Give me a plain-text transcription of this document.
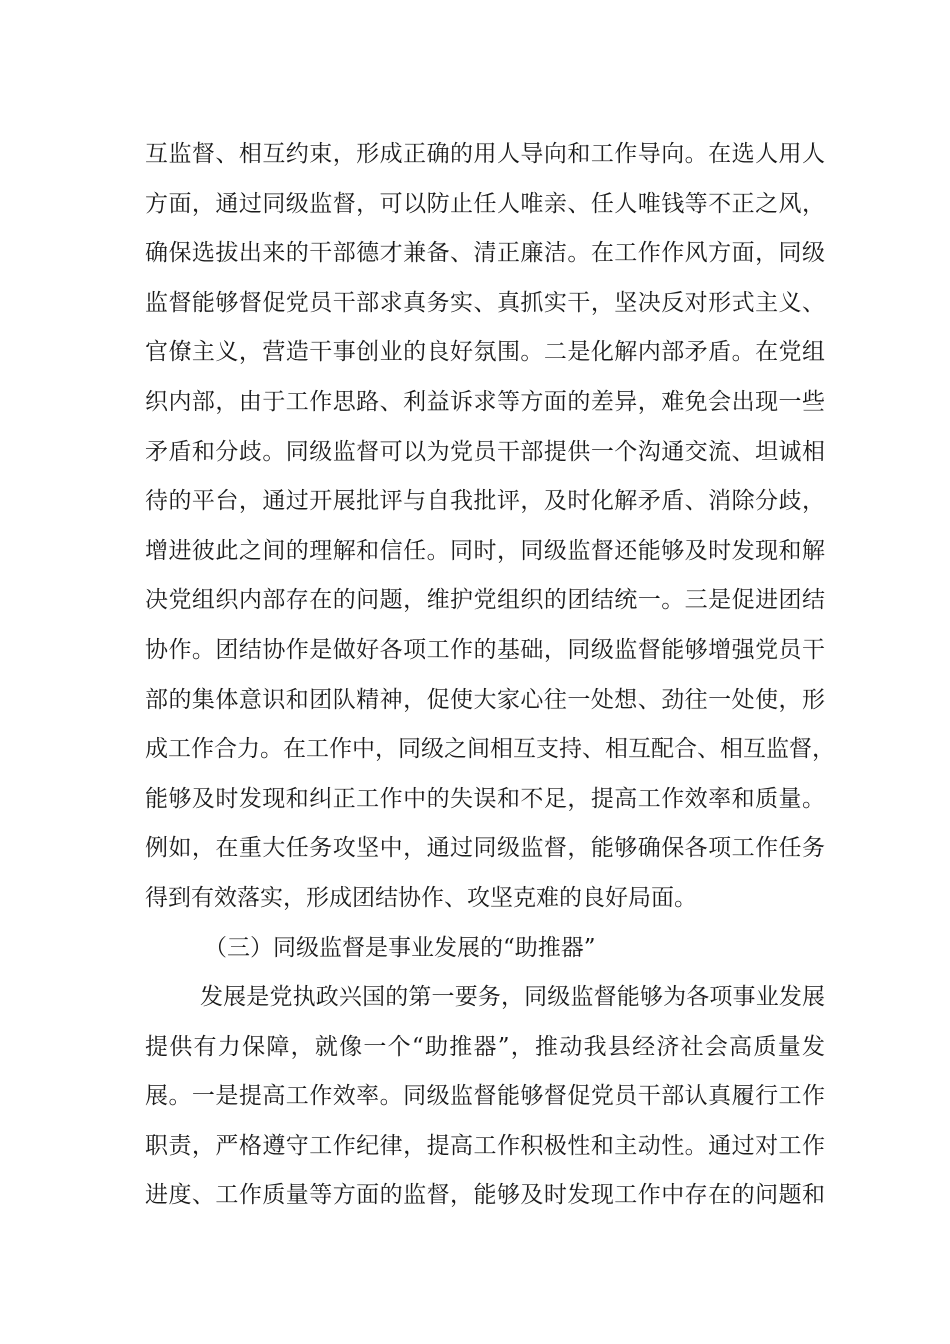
互监督、相互约束，形成正确的用人导向和工作导向。在选人用人
方面，通过同级监督，可以防止任人唯亲、任人唯钱等不正之风，
确保选拔出来的干部德才兼备、清正廉洁。在工作作风方面，同级
监督能够督促党员干部求真务实、真抓实干，坚决反对形式主义、
官僚主义，营造干事创业的良好氛围。二是化解内部矛盾。在党组
织内部，由于工作思路、利益诉求等方面的差异，难免会出现一些
矛盾和分歧。同级监督可以为党员干部提供一个沟通交流、坦诚相
待的平台，通过开展批评与自我批评，及时化解矛盾、消除分歧，
增进彼此之间的理解和信任。同时，同级监督还能够及时发现和解
决党组织内部存在的问题，维护党组织的团结统一。三是促进团结
协作。团结协作是做好各项工作的基础，同级监督能够增强党员干
部的集体意识和团队精神，促使大家心往一处想、劲往一处使，形
成工作合力。在工作中，同级之间相互支持、相互配合、相互监督，
能够及时发现和纠正工作中的失误和不足，提高工作效率和质量。
例如，在重大任务攻坚中，通过同级监督，能够确保各项工作任务
得到有效落实，形成团结协作、攻坚克难的良好局面。
（三）同级监督是事业发展的“助推器”
发展是党执政兴国的第一要务，同级监督能够为各项事业发展
提供有力保障，就像一个“助推器”，推动我县经济社会高质量发
展。一是提高工作效率。同级监督能够督促党员干部认真履行工作
职责，严格遵守工作纪律，提高工作积极性和主动性。通过对工作
进度、工作质量等方面的监督，能够及时发现工作中存在的问题和
